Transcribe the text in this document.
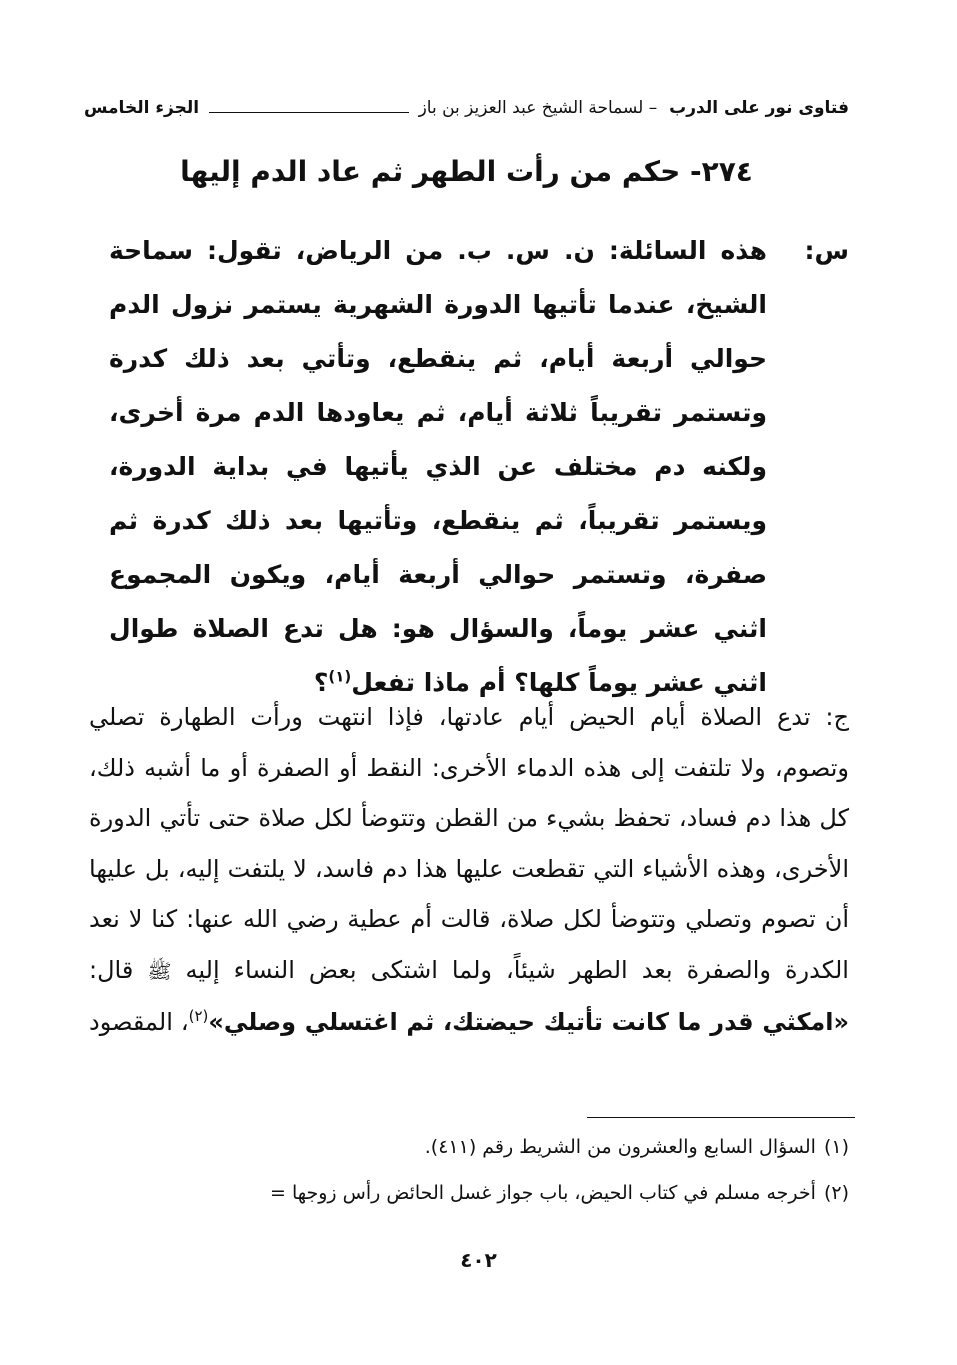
فتاوى نور على الدرب – لسماحة الشيخ عبد العزيز بن باز
الجزء الخامس
٢٧٤- حكم من رأت الطهر ثم عاد الدم إليها
س:
هذه السائلة: ن. س. ب. من الرياض، تقول: سماحة الشيخ، عندما تأتيها الدورة الشهرية يستمر نزول الدم حوالي أربعة أيام، ثم ينقطع، وتأتي بعد ذلك كدرة وتستمر تقريباً ثلاثة أيام، ثم يعاودها الدم مرة أخرى، ولكنه دم مختلف عن الذي يأتيها في بداية الدورة، ويستمر تقريباً، ثم ينقطع، وتأتيها بعد ذلك كدرة ثم صفرة، وتستمر حوالي أربعة أيام، ويكون المجموع اثني عشر يوماً، والسؤال هو: هل تدع الصلاة طوال اثني عشر يوماً كلها؟ أم ماذا تفعل$^{(١)}$؟
ج: تدع الصلاة أيام الحيض أيام عادتها، فإذا انتهت ورأت الطهارة تصلي وتصوم، ولا تلتفت إلى هذه الدماء الأخرى: النقط أو الصفرة أو ما أشبه ذلك، كل هذا دم فساد، تحفظ بشيء من القطن وتتوضأ لكل صلاة حتى تأتي الدورة الأخرى، وهذه الأشياء التي تقطعت عليها هذا دم فاسد، لا يلتفت إليه، بل عليها أن تصوم وتصلي وتتوضأ لكل صلاة، قالت أم عطية رضي الله عنها: كنا لا نعد الكدرة والصفرة بعد الطهر شيئاً، ولما اشتكى بعض النساء إليه ﷺ قال: «امكثي قدر ما كانت تأتيك حيضتك، ثم اغتسلي وصلي»$^{(٢)}$، المقصود
(١)السؤال السابع والعشرون من الشريط رقم (٤١١).
(٢)أخرجه مسلم في كتاب الحيض، باب جواز غسل الحائض رأس زوجها =
٤٠٢
